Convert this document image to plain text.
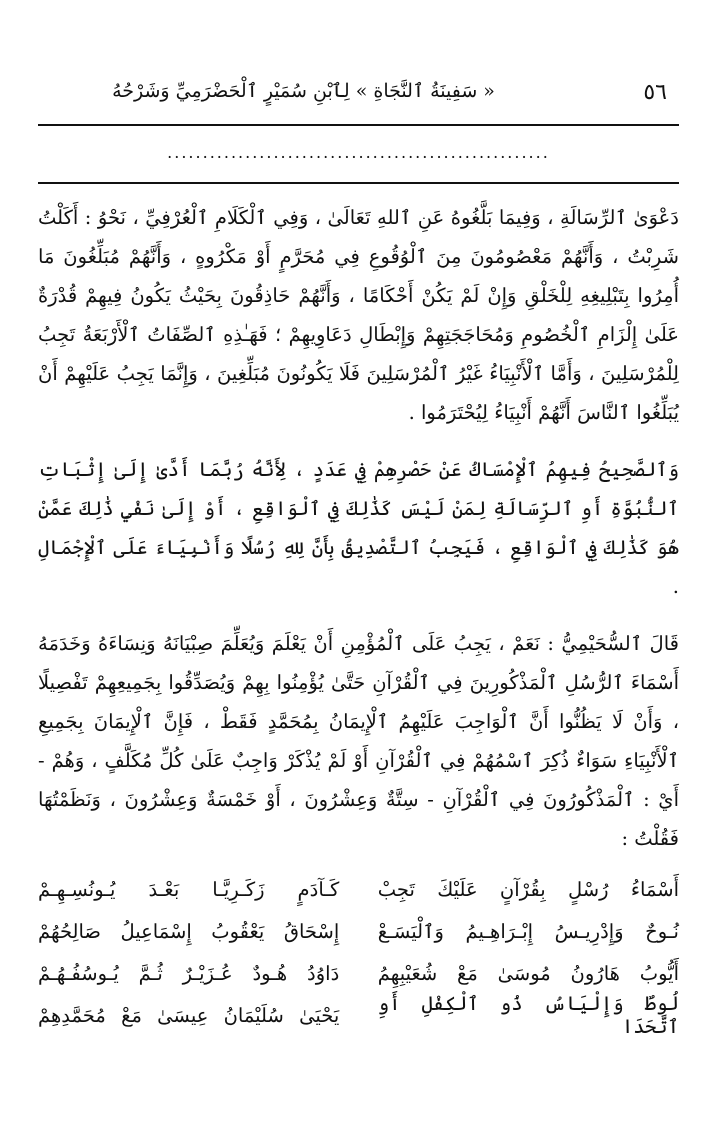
٥٦
« سَفِينَةُ ٱلنَّجَاةِ » لِٱبْنِ سُمَيْرٍ ٱلْحَضْرَمِيِّ وَشَرْحُهُ
......................................................

دَعْوَىٰ ٱلرِّسَالَةِ ، وَفِيمَا بَلَّغُوهُ عَنِ ٱللهِ تَعَالَىٰ ، وَفِي ٱلْكَلَامِ ٱلْعُرْفِيِّ ، نَحْوُ : أَكَلْتُ شَرِبْتُ ، وَأَنَّهُمْ مَعْصُومُونَ مِنَ ٱلْوُقُوعِ فِي مُحَرَّمٍ أَوْ مَكْرُوهٍ ، وَأَنَّهُمْ مُبَلِّغُونَ مَا أُمِرُوا بِتَبْلِيغِهِ لِلْخَلْقِ وَإِنْ لَمْ يَكُنْ أَحْكَامًا ، وَأَنَّهُمْ حَاذِقُونَ بِحَيْثُ يَكُونُ فِيهِمْ قُدْرَةٌ عَلَىٰ إِلْزَامِ ٱلْخُصُومِ وَمُحَاجَجَتِهِمْ وَإِبْطَالِ دَعَاوِيهِمْ ؛ فَهَـٰذِهِ ٱلصِّفَاتُ ٱلْأَرْبَعَةُ تَجِبُ لِلْمُرْسَلِينَ ، وَأَمَّا ٱلْأَنْبِيَاءُ غَيْرُ ٱلْمُرْسَلِينَ فَلَا يَكُونُونَ مُبَلِّغِينَ ، وَإِنَّمَا يَجِبُ عَلَيْهِمْ أَنْ يُبَلِّغُوا ٱلنَّاسَ أَنَّهُمْ أَنْبِيَاءُ لِيُحْتَرَمُوا .

وَٱلصَّحِيحُ فِيهِمُ ٱلْإِمْسَاكُ عَنْ حَصْرِهِمْ فِي عَدَدٍ ، لِأَنَّهُ رُبَّمَا أَدَّىٰ إِلَىٰ إِثْبَاتِ ٱلنُّبُوَّةِ أَوِ ٱلرِّسَالَةِ لِمَنْ لَيْسَ كَذَٰلِكَ فِي ٱلْوَاقِعِ ، أَوْ إِلَىٰ نَفْيِ ذَٰلِكَ عَمَّنْ هُوَ كَذَٰلِكَ فِي ٱلْوَاقِعِ ، فَيَجِبُ ٱلتَّصْدِيقُ بِأَنَّ لِلهِ رُسُلًا وَأَنْبِيَاءَ عَلَى ٱلْإِجْمَالِ .

قَالَ ٱلسُّحَيْمِيُّ : نَعَمْ ، يَجِبُ عَلَى ٱلْمُؤْمِنِ أَنْ يَعْلَمَ وَيُعَلِّمَ صِبْيَانَهُ وَنِسَاءَهُ وَخَدَمَهُ أَسْمَاءَ ٱلرُّسُلِ ٱلْمَذْكُورِينَ فِي ٱلْقُرْآنِ حَتَّىٰ يُؤْمِنُوا بِهِمْ وَيُصَدِّقُوا بِجَمِيعِهِمْ تَفْصِيلًا ، وَأَنْ لَا يَظُنُّوا أَنَّ ٱلْوَاجِبَ عَلَيْهِمُ ٱلْإِيمَانُ بِمُحَمَّدٍ فَقَطْ ، فَإِنَّ ٱلْإِيمَانَ بِجَمِيعِ ٱلْأَنْبِيَاءِ سَوَاءٌ ذُكِرَ ٱسْمُهُمْ فِي ٱلْقُرْآنِ أَوْ لَمْ يُذْكَرْ وَاجِبٌ عَلَىٰ كُلِّ مُكَلَّفٍ ، وَهُمْ - أَيْ : ٱلْمَذْكُورُونَ فِي ٱلْقُرْآنِ - سِتَّةٌ وَعِشْرُونَ ، أَوْ خَمْسَةٌ وَعِشْرُونَ ، وَنَظَمْتُهَا فَقُلْتُ :

أَسْمَاءُ رُسْلٍ بِقُرْآنٍ عَلَيْكَ تَجِبْ
كَـآدَمٍ زَكَـرِيَّـا بَعْـدَ يُـونُسِـهِـمْ
نُـوحٌ وَإِدْرِيـسُ إِبْـرَاهِـيمُ وَٱلْيَسَـعْ
إِسْحَاقُ يَعْقُوبُ إِسْمَاعِيلُ صَالِحُهُمْ
أَيُّوبُ هَارُونُ مُوسَىٰ مَعْ شُعَيْبِهِمُ
دَاوُدُ هُـودٌ عُـزَيْـرٌ ثُـمَّ يُـوسُفُـهُـمْ
لُوطٌ وَإِلْيَاسُ ذُو ٱلْكِفْلِ أَوِ ٱتَّحَدَا
يَحْيَىٰ سُلَيْمَانُ عِيسَىٰ مَعْ مُحَمَّدِهِمْ
